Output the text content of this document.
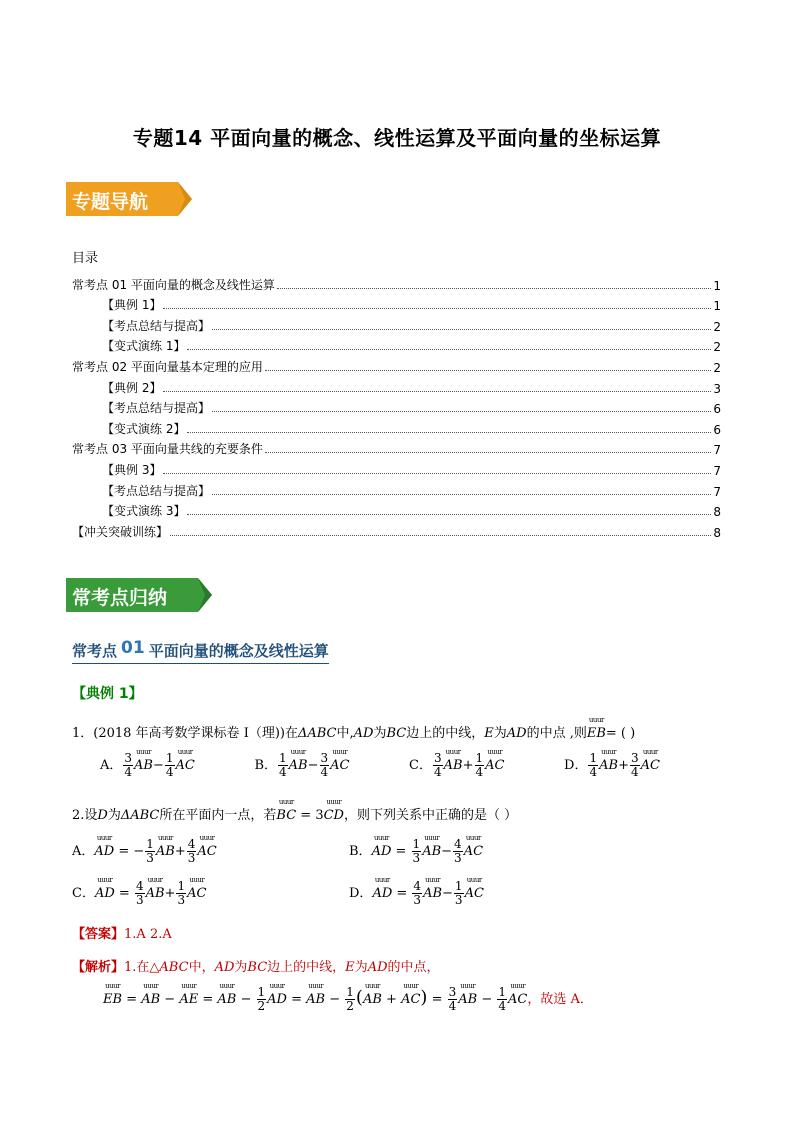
专题14 平面向量的概念、线性运算及平面向量的坐标运算
专题导航
目录
常考点 01 平面向量的概念及线性运算	1
【典例 1】	1
【考点总结与提高】	2
【变式演练 1】	2
常考点 02 平面向量基本定理的应用	2
【典例 2】	3
【考点总结与提高】	6
【变式演练 2】	6
常考点 03 平面向量共线的充要条件	7
【典例 3】	7
【考点总结与提高】	7
【变式演练 3】	8
【冲关突破训练】	8
常考点归纳
常考点 01 平面向量的概念及线性运算
【典例 1】
1．(2018 年高考数学课标卷 I（理))在ΔABC中,AD为BC边上的中线，E为AD的中点 ,则uuur EB= ( )
A． $\frac{3}{4}$ uuur $AB- \frac{1}{4}$ uuur AC	B． $\frac{1}{4}$ uuur $AB- \frac{3}{4}$ uuur AC	C． $\frac{3}{4}$ uuur $AB+ \frac{1}{4}$ uuur AC	D． $\frac{1}{4}$ uuur $AB+ \frac{3}{4}$ uuur AC
2.设D为ΔABC所在平面内一点，若uuur BC = 3uuur CD，则下列关系中正确的是（ ）
A．uuur AD = − $\frac{1}{3}$ uuur $AB+ \frac{4}{3}$ uuur AC	B．uuur AD = $\frac{1}{3}$ uuur $AB- \frac{4}{3}$ uuur AC
C．uuur AD = $\frac{4}{3}$ uuur $AB+ \frac{1}{3}$ uuur AC	D．uuur AD = $\frac{4}{3}$ uuur $AB- \frac{1}{3}$ uuur AC
【答案】1.A 2.A
【解析】1.在△ABC中，AD为BC边上的中线，E为AD的中点，
uuur EB = uuur AB − uuur AE = uuur AB − $\frac{1}{2}$ uuur AD = uuur AB − $\frac{1}{2}$ (uuur AB + uuur $AC) = \frac{3}{4}$ uuur AB − $\frac{1}{4}$ uuur AC，故选 A．
